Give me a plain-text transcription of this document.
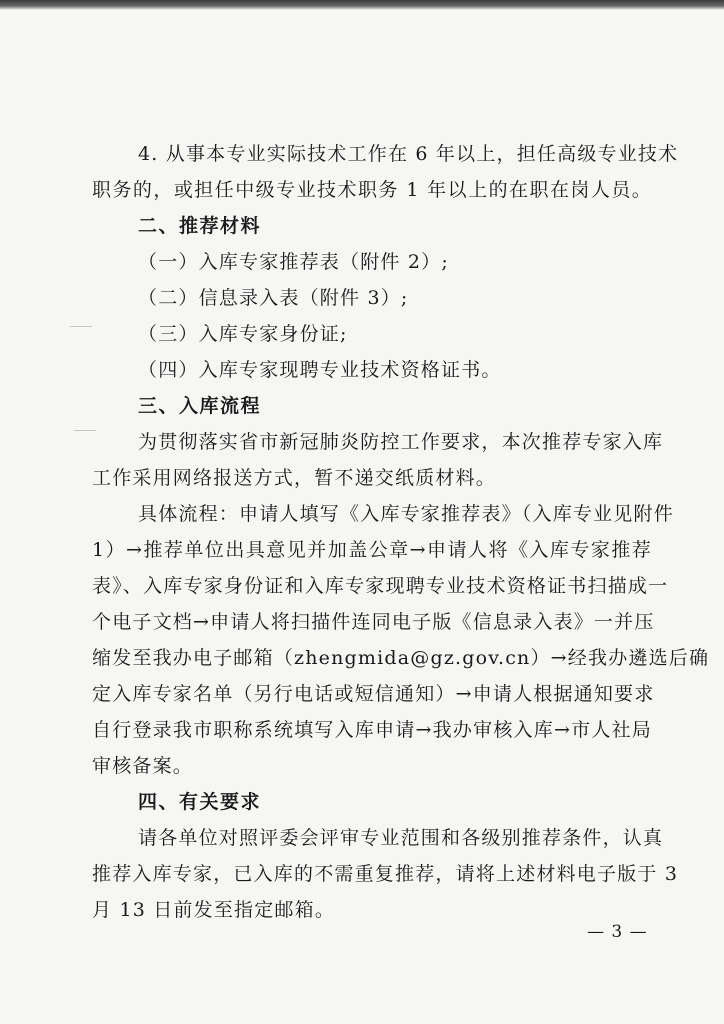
4. 从事本专业实际技术工作在 6 年以上，担任高级专业技术
职务的，或担任中级专业技术职务 1 年以上的在职在岗人员。
二、推荐材料
（一）入库专家推荐表（附件 2）;
（二）信息录入表（附件 3）;
（三）入库专家身份证;
（四）入库专家现聘专业技术资格证书。
三、入库流程
为贯彻落实省市新冠肺炎防控工作要求，本次推荐专家入库
工作采用网络报送方式，暂不递交纸质材料。
具体流程：申请人填写《入库专家推荐表》（入库专业见附件
1）→推荐单位出具意见并加盖公章→申请人将《入库专家推荐
表》、入库专家身份证和入库专家现聘专业技术资格证书扫描成一
个电子文档→申请人将扫描件连同电子版《信息录入表》一并压
缩发至我办电子邮箱（zhengmida@gz.gov.cn）→经我办遴选后确
定入库专家名单（另行电话或短信通知）→申请人根据通知要求
自行登录我市职称系统填写入库申请→我办审核入库→市人社局
审核备案。
四、有关要求
请各单位对照评委会评审专业范围和各级别推荐条件，认真
推荐入库专家，已入库的不需重复推荐，请将上述材料电子版于 3
月 13 日前发至指定邮箱。
— 3 —
